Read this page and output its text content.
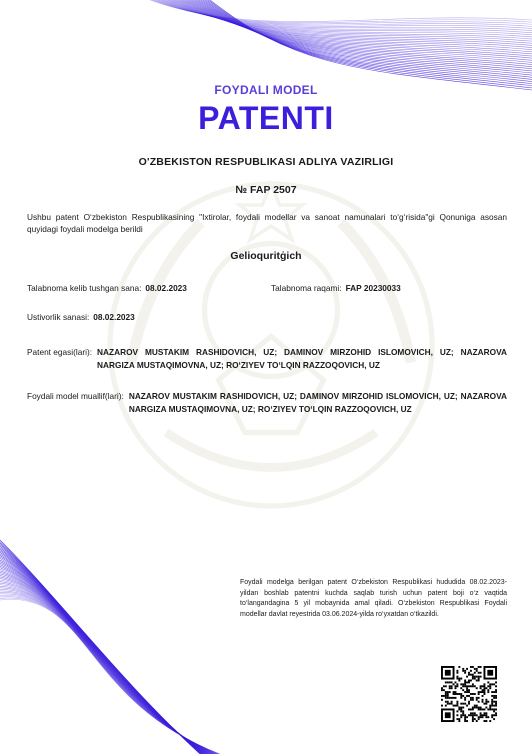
FOYDALI MODEL
PATENTI
O'ZBEKISTON RESPUBLIKASI ADLIYA VAZIRLIGI
№ FAP 2507
Ushbu patent O‘zbekiston Respublikasining "Ixtirolar, foydali modellar va sanoat namunalari to‘g‘risida"gi Qonuniga asosan quyidagi foydali modelga berildi
Gelioquritġich
Talabnoma kelib tushgan sana: 08.02.2023	Talabnoma raqami: FAP 20230033
Ustivorlik sanasi: 08.02.2023
Patent egasi(lari): NAZAROV MUSTAKIM RASHIDOVICH, UZ; DAMINOV MIRZOHID ISLOMOVICH, UZ; NAZAROVA NARGIZA MUSTAQIMOVNA, UZ; RO‘ZIYEV TO‘LQIN RAZZOQOVICH, UZ
Foydali model muallif(lari): NAZAROV MUSTAKIM RASHIDOVICH, UZ; DAMINOV MIRZOHID ISLOMOVICH, UZ; NAZAROVA NARGIZA MUSTAQIMOVNA, UZ; RO‘ZIYEV TO‘LQIN RAZZOQOVICH, UZ
Foydali modelga berilgan patent O‘zbekiston Respublikasi hududida 08.02.2023-yildan boshlab patentni kuchda saqlab turish uchun patent boji o‘z vaqtida to‘langandagina 5 yil mobaynida amal qiladi. O‘zbekiston Respublikasi Foydali modellar davlat reyestrida 03.06.2024-yilda ro‘yxatdan o‘tkazildi.
